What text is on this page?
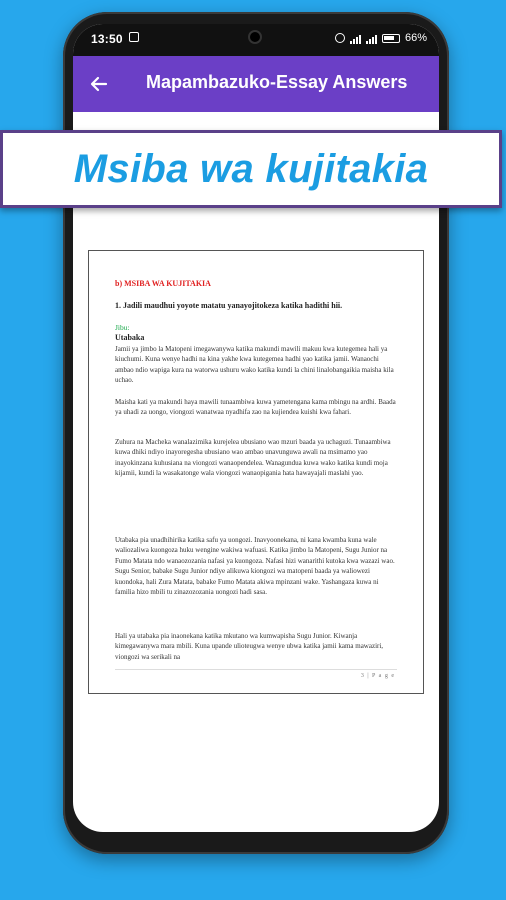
13:50	66%
Mapambazuko-Essay Answers
Msiba wa kujitakia
b) MSIBA WA KUJITAKIA
1. Jadili maudhui yoyote matatu yanayojitokeza katika hadithi hii.
Jibu:
Utabaka
Jamii ya jimbo la Matopeni imegawanywa katika makundi mawili makuu kwa kutegemea hali ya kiuchumi. Kuna wenye hadhi na kina yakhe kwa kutegemea hadhi yao katika jamii. Wanaochi ambao ndio wapiga kura na watorwa ushuru wako katika kundi la chini linalobangaikia maisha kila uchao.
Maisha kati ya makundi haya mawili tunaambiwa kuwa yametengana kama mbingu na ardhi. Baada ya uhadi za uongo, viongozi wanatwaa nyadhifa zao na kujiendea kuishi kwa fahari.
Zuhura na Macheka wanalazimika kurejelea ubusiano wao mzuri baada ya uchaguzi. Tunaambiwa kuwa dhiki ndiyo inayoregesha ubusiano wao ambao unavunguwa awali na msimamo yao inayokinzana kuhusiana na viongozi wanaopendelea. Wanagundua kuwa wako katika kundi moja kijamii, kundi la wasakatonge wala viongozi wanaopigania hata hawayajali maslahi yao.
Utabaka pia unadhihirika katika safu ya uongozi. Inavyoonekana, ni kana kwamba kuna wale waliozaliwa kuongoza huku wengine wakiwa wafuasi. Katika jimbo la Matopeni, Sugu Junior na Fumo Matata ndo wanaozozania nafasi ya kuongoza. Nafasi hizi wanarithi kutoka kwa wazazi wao. Sugu Senior, babake Sugu Junior ndiye alikuwa kiongozi wa matopeni baada ya waliowezi kuondoka, hali Zura Matata, babake Fumo Matata akiwa mpinzani wake. Yashangaza kuwa ni familia hizo mbili tu zinazozozania uongozi hadi sasa.
Hali ya utabaka pia inaonekana katika mkutano wa kumwapisha Sugu Junior. Kiwanja kimegawanywa mara mbili. Kuna upande ulioteugwa wenye ubwa katika jamii kama mawaziri, viongozi wa serikali na
3 | P a g e
